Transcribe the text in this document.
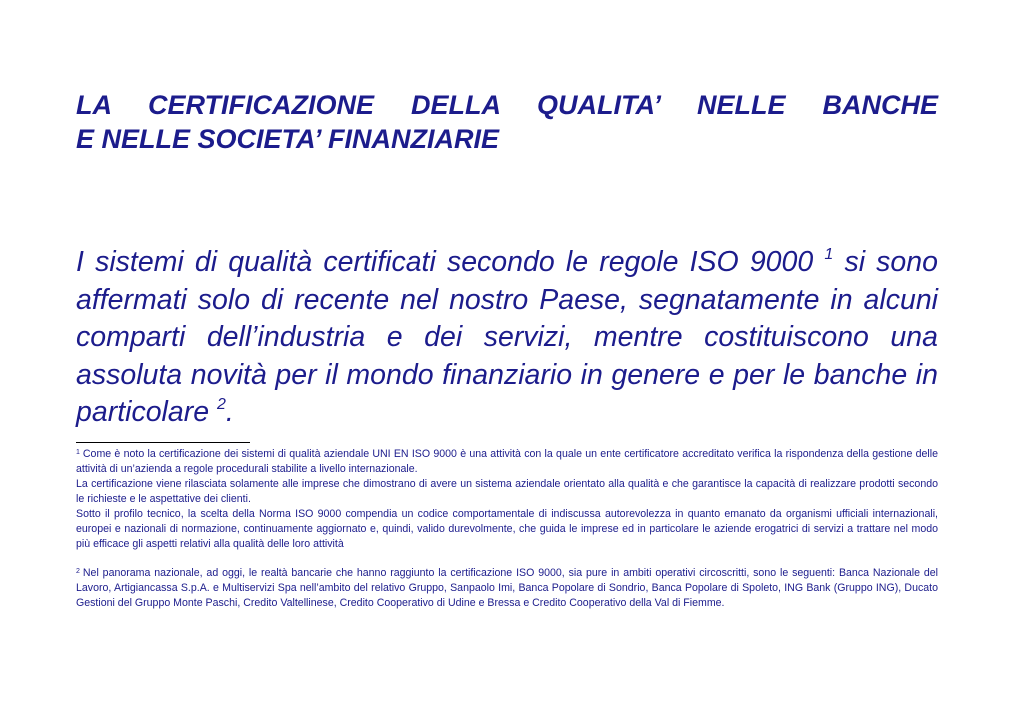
LA CERTIFICAZIONE DELLA QUALITA’ NELLE BANCHE
E NELLE SOCIETA’ FINANZIARIE
I sistemi di qualità certificati secondo le regole ISO 9000 $^1$ si sono affermati solo di recente nel nostro Paese, segnatamente in alcuni comparti dell’industria e dei servizi, mentre costituiscono una assoluta novità per il mondo finanziario in genere e per le banche in particolare $^2$.

$^1$ Come è noto la certificazione dei sistemi di qualità aziendale UNI EN ISO 9000 è una attività con la quale un ente certificatore accreditato verifica la rispondenza della gestione delle attività di un’azienda a regole procedurali stabilite a livello internazionale.

La certificazione viene rilasciata solamente alle imprese che dimostrano di avere un sistema aziendale orientato alla qualità e che garantisce la capacità di realizzare prodotti secondo le richieste e le aspettative dei clienti.

Sotto il profilo tecnico, la scelta della Norma ISO 9000 compendia un codice comportamentale di indiscussa autorevolezza in quanto emanato da organismi ufficiali internazionali, europei e nazionali di normazione, continuamente aggiornato e, quindi, valido durevolmente, che guida le imprese ed in particolare le aziende erogatrici di servizi a trattare nel modo più efficace gli aspetti relativi alla qualità delle loro attività

$^2$ Nel panorama nazionale, ad oggi, le realtà bancarie che hanno raggiunto la certificazione ISO 9000, sia pure in ambiti operativi circoscritti, sono le seguenti: Banca Nazionale del Lavoro, Artigiancassa S.p.A. e Multiservizi Spa nell’ambito del relativo Gruppo, Sanpaolo Imi, Banca Popolare di Sondrio, Banca Popolare di Spoleto, ING Bank (Gruppo ING), Ducato Gestioni del Gruppo Monte Paschi, Credito Valtellinese, Credito Cooperativo di Udine e Bressa e Credito Cooperativo della Val di Fiemme.
